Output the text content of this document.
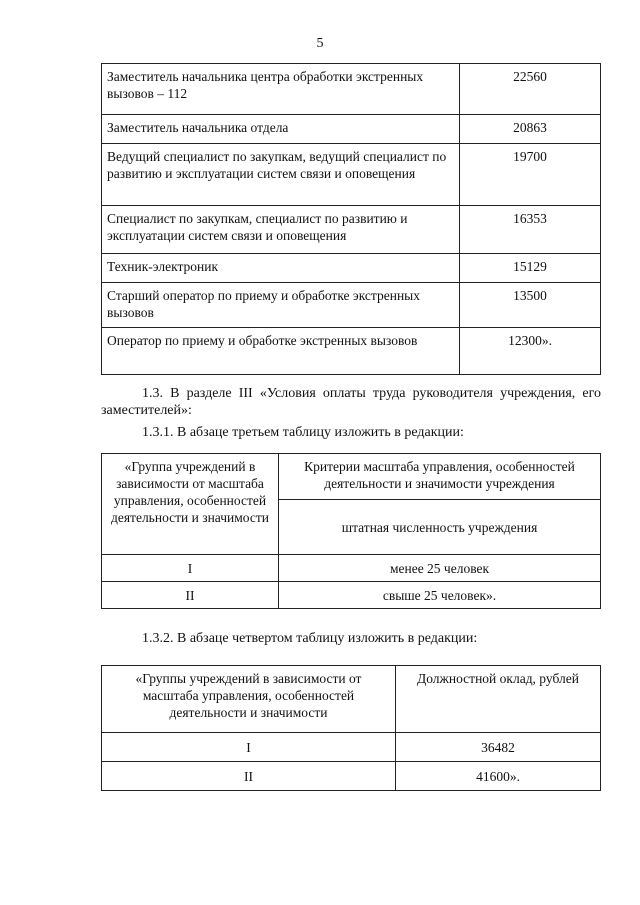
5
Заместитель начальника центра обработки экстренных вызовов – 112	22560
Заместитель начальника отдела	20863
Ведущий специалист по закупкам, ведущий специалист по развитию и эксплуатации систем связи и оповещения	19700
Специалист по закупкам, специалист по развитию и эксплуатации систем связи и оповещения	16353
Техник-электроник	15129
Старший оператор по приему и обработке экстренных вызовов	13500
Оператор по приему и обработке экстренных вызовов	12300».
1.3. В разделе III «Условия оплаты труда руководителя учреждения, его заместителей»:
1.3.1. В абзаце третьем таблицу изложить в редакции:
«Группа учреждений в зависимости от масштаба управления, особенностей деятельности и значимости	Критерии масштаба управления, особенностей деятельности и значимости учреждения
	штатная численность учреждения
I	менее 25 человек
II	свыше 25 человек».
1.3.2. В абзаце четвертом таблицу изложить в редакции:
«Группы учреждений в зависимости от масштаба управления, особенностей деятельности и значимости	Должностной оклад, рублей
I	36482
II	41600».
